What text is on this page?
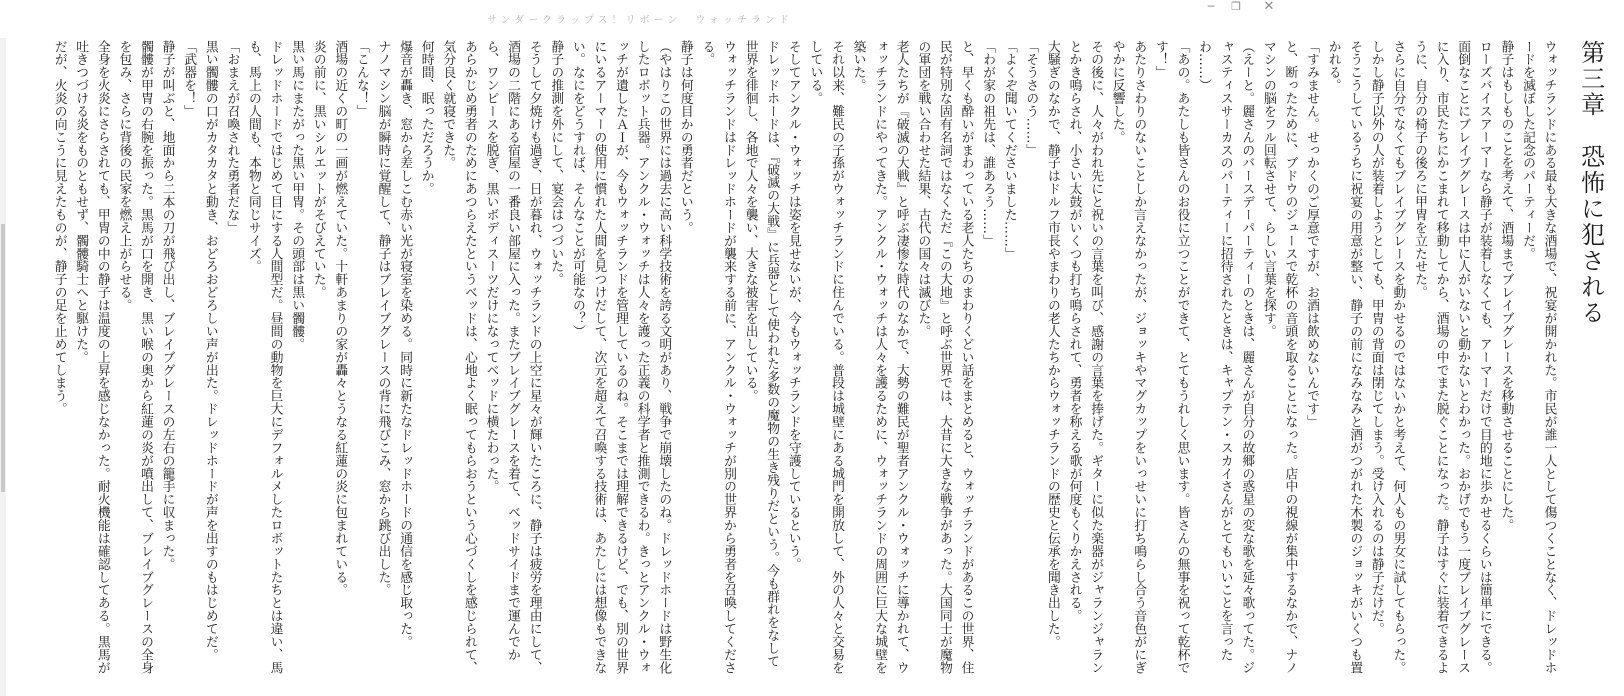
サンダークラップス！リボーン　ウォッチランド
─	❐	✕
第三章　恐怖に犯される

ウォッチランドにある最も大きな酒場で、祝宴が開かれた。市民が誰一人として傷つくことなく、ドレッドホードを滅ぼした記念のパーティーだ。

静子はもしものことを考えて、酒場までブレイブグレースを移動させることにした。

ローズバイスアーマーなら静子が装着しなくても、アーマーだけで目的地に歩かせるくらいは簡単にできる。

面倒なことにブレイブグレースは中に人がいないと動かないとわかった。おかげでもう一度ブレイブグレースに入り、市民たちにかこまれて移動してから、酒場の中でまた脱ぐことになった。静子はすぐに装着できるように、自分の椅子の後ろに甲冑を立たせた。

さらに自分でなくてもブレイブグレースを動かせるのではないかと考えて、何人もの男女に試してもらった。しかし静子以外の人が装着しようとしても、甲冑の背面は閉じてしまう。受け入れるのは静子だけだ。

そうこうしているうちに祝宴の用意が整い、静子の前になみなみと酒がつがれた木製のジョッキがいくつも置かれる。

「すみません。せっかくのご厚意ですが、お酒は飲めないんです」

と、断ったために、ブドウのジュースで乾杯の音頭を取ることになった。店中の視線が集中するなかで、ナノマシンの脳をフル回転させて、らしい言葉を探す。

（えーと。麗さんのバースデーパーティーのときは、麗さんが自分の故郷の惑星の変な歌を延々歌ってた。ジャスティスサーカスのパーティーに招待されたときは、キャプテン・スカイさんがとてもいいことを言ったわ……）

「あの。あたしも皆さんのお役に立つことができて、とてもうれしく思います。皆さんの無事を祝って乾杯です！」

あたりさわりのないことしか言えなかったが、ジョッキやマグカップをいっせいに打ち鳴らし合う音色がにぎやかに反響した。

その後に、人々がわれ先にと祝いの言葉を叫び、感謝の言葉を捧げた。ギターに似た楽器がジャランジャランとかき鳴らされ、小さい太鼓がいくつも打ち鳴らされて、勇者を称える歌が何度もくりかえされる。

大騒ぎのなかで、静子はドルフ市長やまわりの老人たちからウォッチランドの歴史と伝承を聞き出した。

「そうさのう……」

「よくぞ聞いてくださいました……」

「わが家の祖先は、誰あろう……」

と、早くも酔いがまわっている老人たちのまわりくどい話をまとめると、ウォッチランドがあるこの世界、住民が特別な固有名詞ではなくただ『この大地』と呼ぶ世界では、大昔に大きな戦争があった。大国同士が魔物の軍団を戦い合わせた結果、古代の国々は滅びた。

老人たちが『破滅の大戦』と呼ぶ凄惨な時代のなかで、大勢の難民が聖者アンクル・ウォッチに導かれて、ウォッチランドにやってきた。アンクル・ウォッチは人々を護るために、ウォッチランドの周囲に巨大な城壁を築いた。

それ以来、難民の子孫がウォッチランドに住んでいる。普段は城壁にある城門を開放して、外の人々と交易をしている。

そしてアンクル・ウォッチは姿を見せないが、今もウォッチランドを守護しているという。

ドレッドホードは、『破滅の大戦』に兵器として使われた多数の魔物の生き残りだという。今も群れをなして世界を徘徊し、各地で人々を襲い、大きな被害を出している。

ウォッチランドはドレッドホードが襲来する前に、アンクル・ウォッチが別の世界から勇者を召喚してくださる。

静子は何度目かの勇者だという。

（やはりこの世界には過去に高い科学技術を誇る文明があり、戦争で崩壊したのね。ドレッドホードは野生化したロボット兵器。アンクル・ウォッチは人々を護った正義の科学者と推測できるわ。きっとアンクル・ウォッチが遺したＡＩが、今もウォッチランドを管理しているのね。そこまでは理解できるけど、でも、別の世界にいるアーマーの使用に慣れた人間を見つけだして、次元を超えて召喚する技術は、あたしには想像もできない。なにをどうすれば、そんなことが可能なの？）

静子の推測を外にして、宴会はつづいた。

そうして夕焼けも過ぎ、日が暮れ、ウォッチランドの上空に星々が輝いたころに、静子は疲労を理由にして、酒場の二階にある宿屋の一番良い部屋に入った。またブレイブグレースを着て、ベッドサイドまで運んでから、ワンピースを脱ぎ、黒いボディスーツだけになってベッドに横たわった。

あらかじめ勇者のためにあつらえたというベッドは、心地よく眠ってもらおうという心づくしを感じられて、気分良く就寝できた。

何時間、眠っただろうか。

爆音が轟き、窓から差しこむ赤い光が寝室を染める。同時に新たなドレッドホードの通信を感じ取った。

ナノマシン脳が瞬時に覚醒して、静子はブレイブグレースの背に飛びこみ、窓から跳び出した。

「こんな！」

酒場の近くの町の一画が燃えていた。十軒あまりの家が轟々とうなる紅蓮の炎に包まれている。

炎の前に、黒いシルエットがそびえていた。

黒い馬にまたがった黒い甲冑。その頭部は黒い髑髏。

ドレッドホードではじめて目にする人間型だ。昼間の動物を巨大にデフォルメしたロボットたちとは違い、馬も、馬上の人間も、本物と同じサイズ。

「おまえが召喚された勇者だな」

黒い髑髏の口がカタカタと動き、おどろおどろしい声が出た。ドレッドホードが声を出すのもはじめてだ。

「武器を！」

静子が叫ぶと、地面から二本の刀が飛び出し、ブレイブグレースの左右の籠手に収まった。

髑髏が甲冑の右腕を振った。黒馬が口を開き、黒い喉の奥から紅蓮の炎が噴出して、ブレイブグレースの全身を包み、さらに背後の民家を燃え上がらせる。

全身を火炎にさらされても、甲冑の中の静子は温度の上昇を感じなかった。耐火機能は確認してある。黒馬が吐きつづける炎をものともせず、髑髏騎士へと駆けた。

だが、火炎の向こうに見えたものが、静子の足を止めてしまう。
